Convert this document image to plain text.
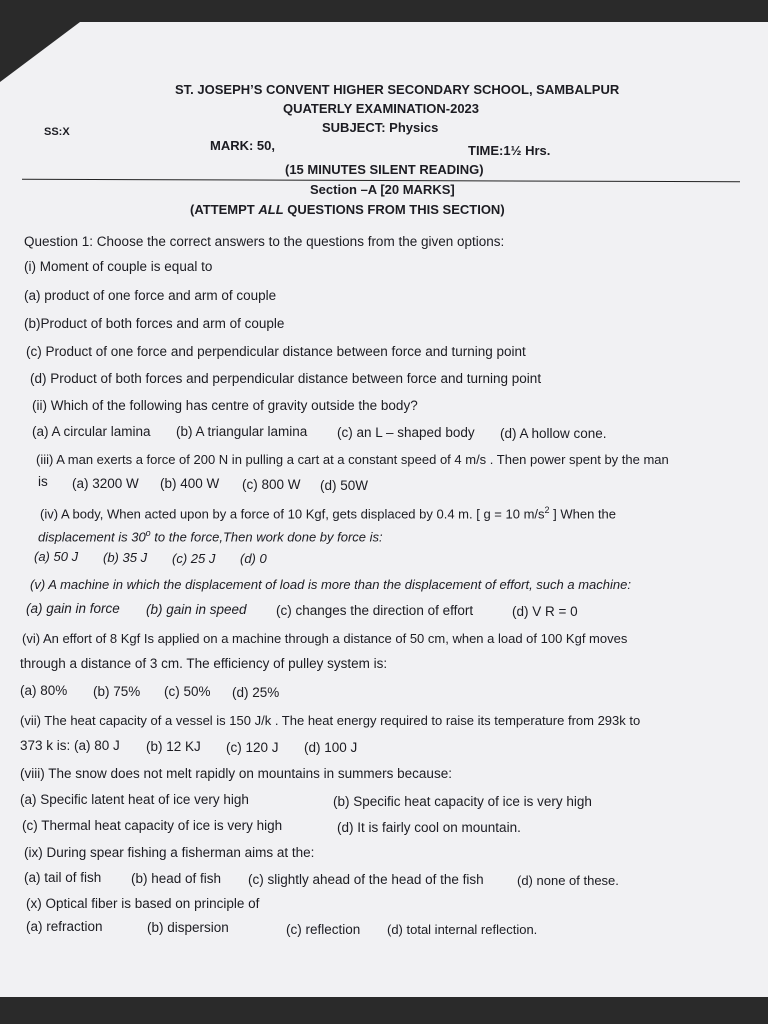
ST. JOSEPH’S CONVENT HIGHER SECONDARY SCHOOL, SAMBALPUR
QUATERLY EXAMINATION-2023
SUBJECT: Physics
SS:X
MARK: 50,	TIME:1½ Hrs.
(15 MINUTES SILENT READING)
Section –A [20 MARKS]
(ATTEMPT ALL QUESTIONS FROM THIS SECTION)
Question 1: Choose the correct answers to the questions from the given options:
(i) Moment of couple is equal to
(a) product of one force and arm of couple
(b)Product of both forces and arm of couple
(c) Product of one force and perpendicular distance between force and turning point
(d) Product of both forces and perpendicular distance between force and turning point
(ii) Which of the following has centre of gravity outside the body?
(a) A circular lamina (b) A triangular lamina (c) an L – shaped body (d) A hollow cone.
(iii) A man exerts a force of 200 N in pulling a cart at a constant speed of 4 m/s . Then power spent by the man
is (a) 3200 W (b) 400 W (c) 800 W (d) 50W
(iv) A body, When acted upon by a force of 10 Kgf, gets displaced by 0.4 m. [ g = 10 $m/s^2$ ] When the
displacement is 30$^o$ to the force,Then work done by force is:
(a) 50 J (b) 35 J (c) 25 J (d) 0
(v) A machine in which the displacement of load is more than the displacement of effort, such a machine:
(a) gain in force (b) gain in speed (c) changes the direction of effort	(d) V R = 0
(vi) An effort of 8 Kgf Is applied on a machine through a distance of 50 cm, when a load of 100 Kgf moves
through a distance of 3 cm. The efficiency of pulley system is:
(a) 80% (b) 75% (c) 50% (d) 25%
(vii) The heat capacity of a vessel is 150 J/k . The heat energy required to raise its temperature from 293k to
373 k is: (a) 80 J (b) 12 KJ (c) 120 J (d) 100 J
(viii) The snow does not melt rapidly on mountains in summers because:
(a) Specific latent heat of ice very high	(b) Specific heat capacity of ice is very high
(c) Thermal heat capacity of ice is very high	(d) It is fairly cool on mountain.
(ix) During spear fishing a fisherman aims at the:
(a) tail of fish (b) head of fish (c) slightly ahead of the head of the fish	(d) none of these.
(x) Optical fiber is based on principle of
(a) refraction	(b) dispersion	(c) reflection (d) total internal reflection.
